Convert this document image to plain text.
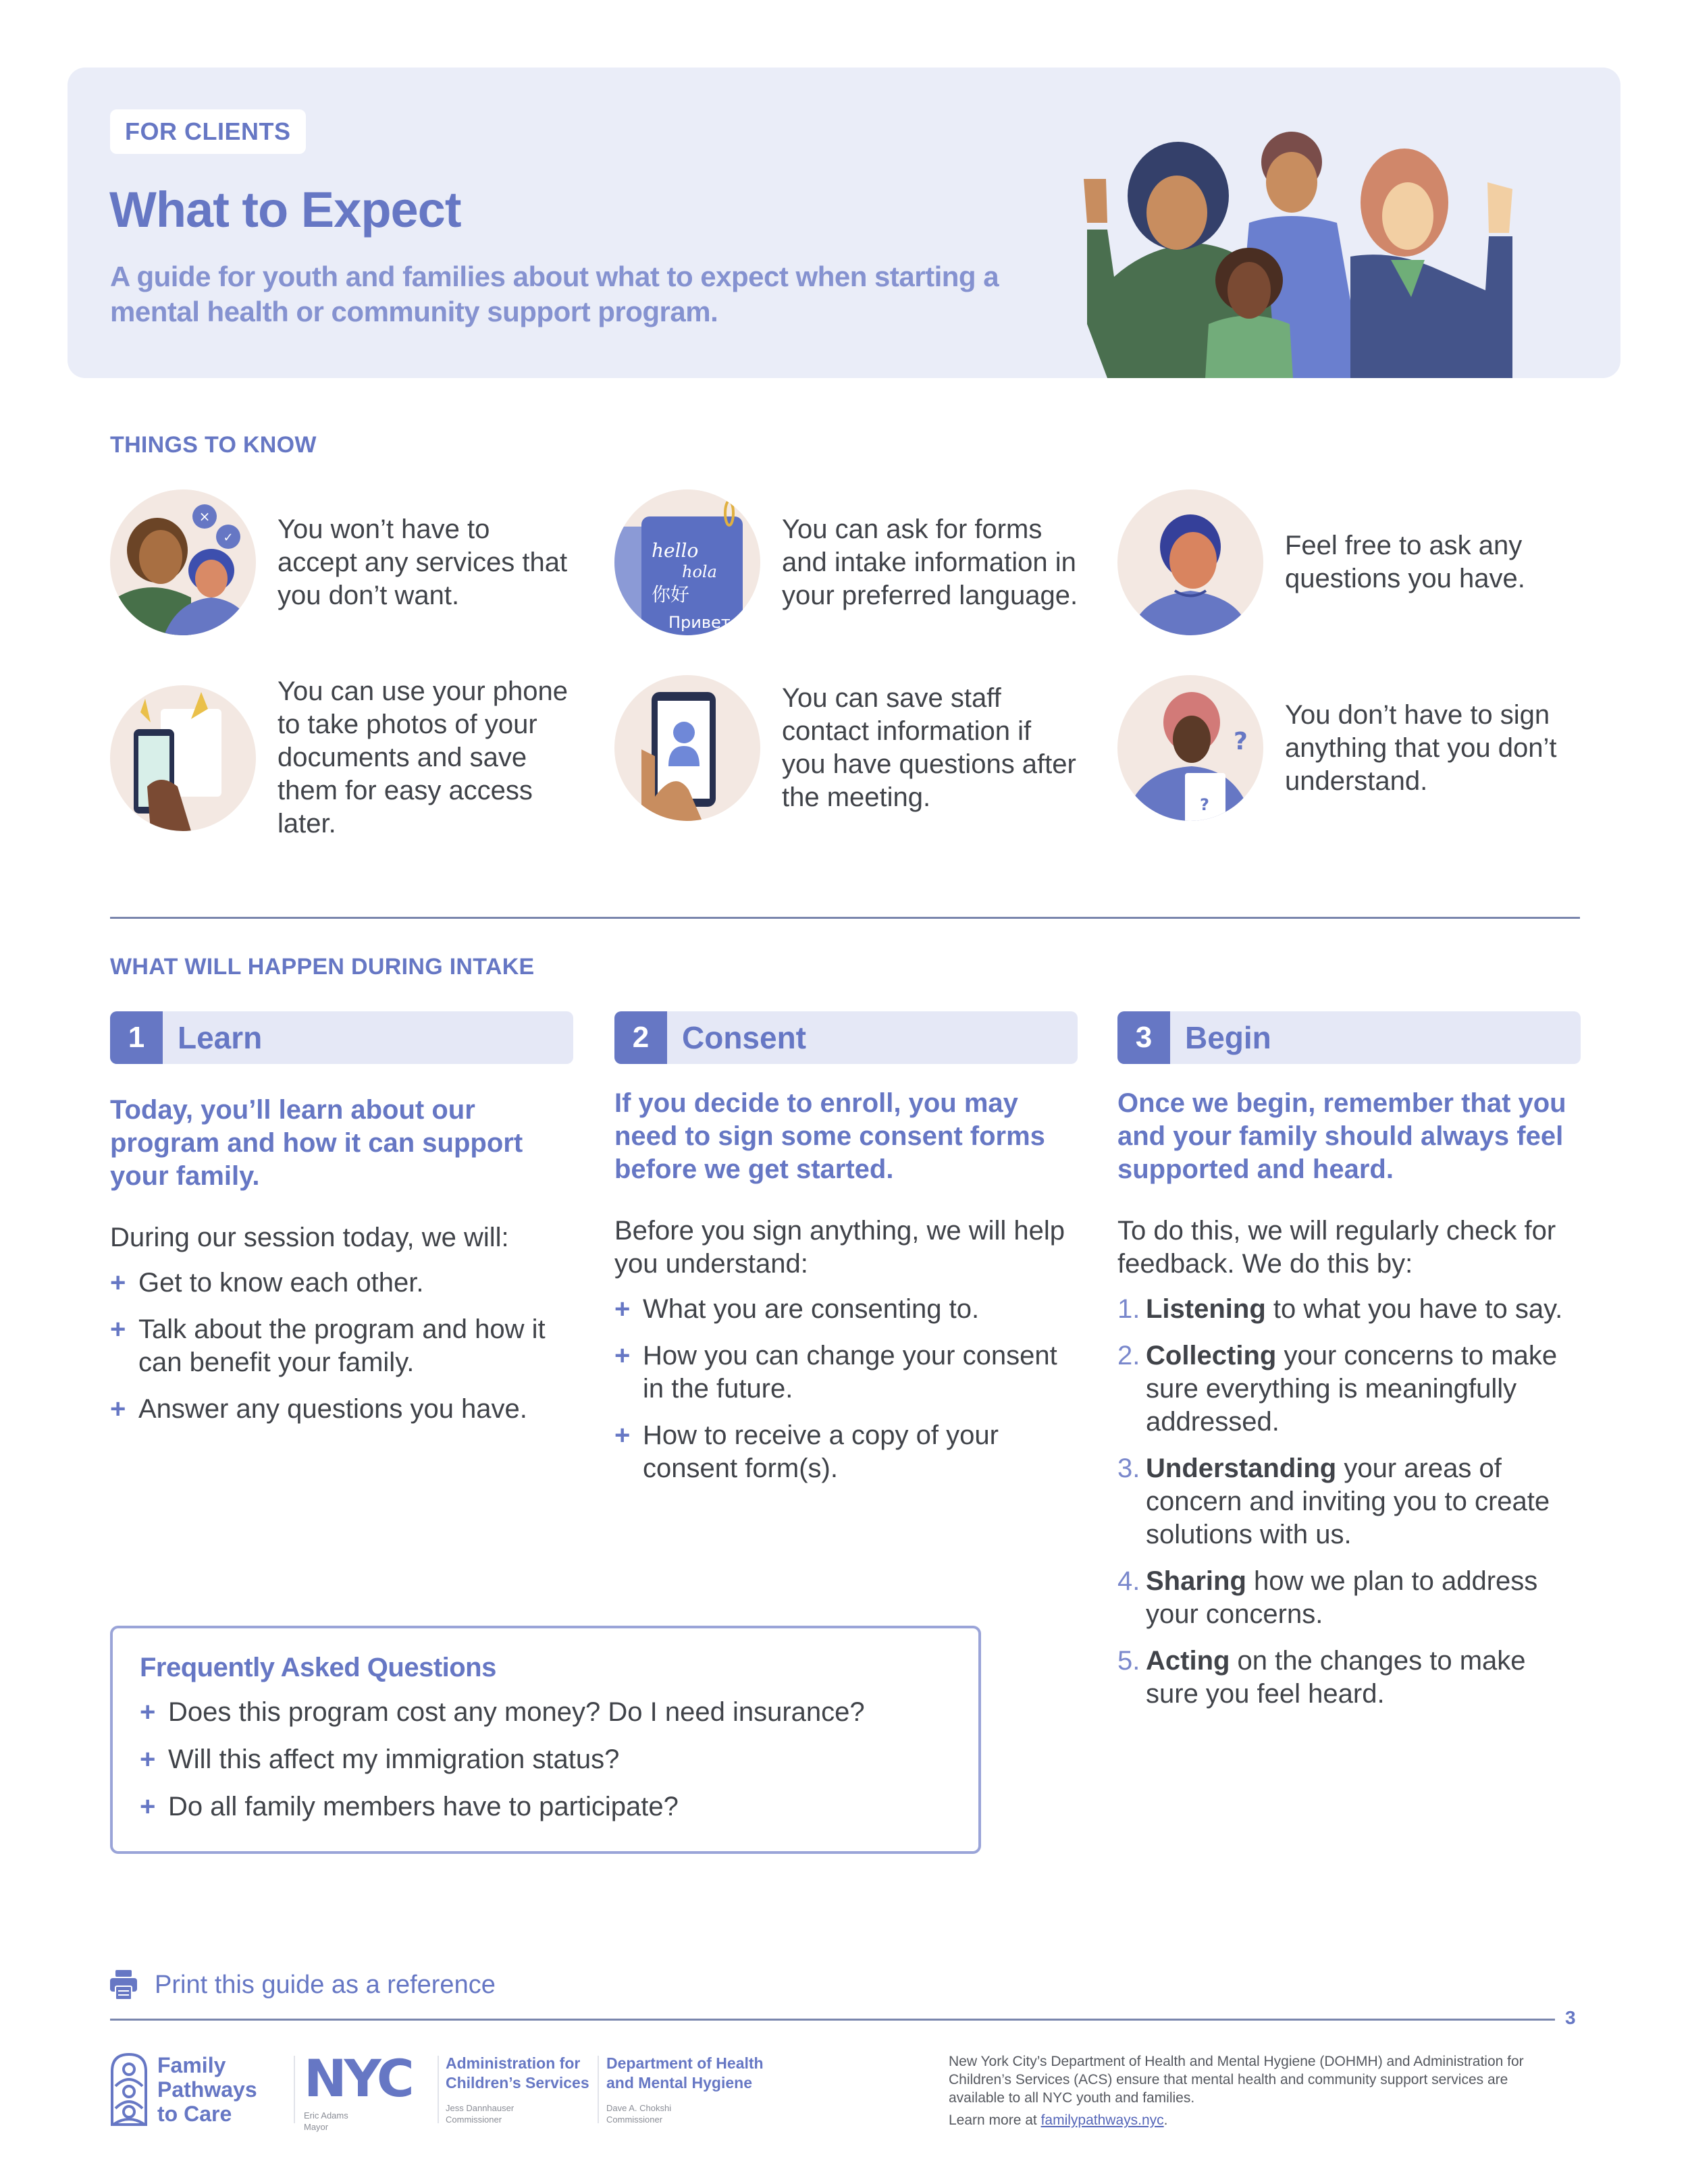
FOR CLIENTS
What to Expect

A guide for youth and families about what to expect when starting a mental health or community support program.

THINGS TO KNOW
×
✓ You won’t have to accept any services that you don’t want.
hello
hola
你好
Привет
You can ask for forms and intake information in your preferred language.
Feel free to ask any questions you have.
You can use your phone to take photos of your documents and save them for easy access later.
You can save staff contact information if you have questions after the meeting.
?
?
You don’t have to sign anything that you don’t understand.
WHAT WILL HAPPEN DURING INTAKE
1	Learn

Today, you’ll learn about our program and how it can support your family.

During our session today, we will:

+ Get to know each other.
+ Talk about the program and how it can benefit your family.
+ Answer any questions you have.
2	Consent

If you decide to enroll, you may need to sign some consent forms before we get started.

Before you sign anything, we will help you understand:

+ What you are consenting to.
+ How you can change your consent in the future.
+ How to receive a copy of your consent form(s).
3	Begin

Once we begin, remember that you and your family should always feel supported and heard.

To do this, we will regularly check for feedback. We do this by:

1. Listening to what you have to say.
2. Collecting your concerns to make sure everything is meaningfully addressed.
3. Understanding your areas of concern and inviting you to create solutions with us.
4. Sharing how we plan to address your concerns.
5. Acting on the changes to make sure you feel heard.
Frequently Asked Questions
+ Does this program cost any money? Do I need insurance?
+ Will this affect my immigration status?
+ Do all family members have to participate?
Print this guide as a reference
3
Family
Pathways
to Care
NYC
Eric Adams
Mayor
Administration for
Children’s Services
Jess Dannhauser
Commissioner
Department of Health
and Mental Hygiene
Dave A. Chokshi
Commissioner

New York City’s Department of Health and Mental Hygiene (DOHMH) and Administration for Children’s Services (ACS) ensure that mental health and community support services are available to all NYC youth and families.

Learn more at familypathways.nyc.
